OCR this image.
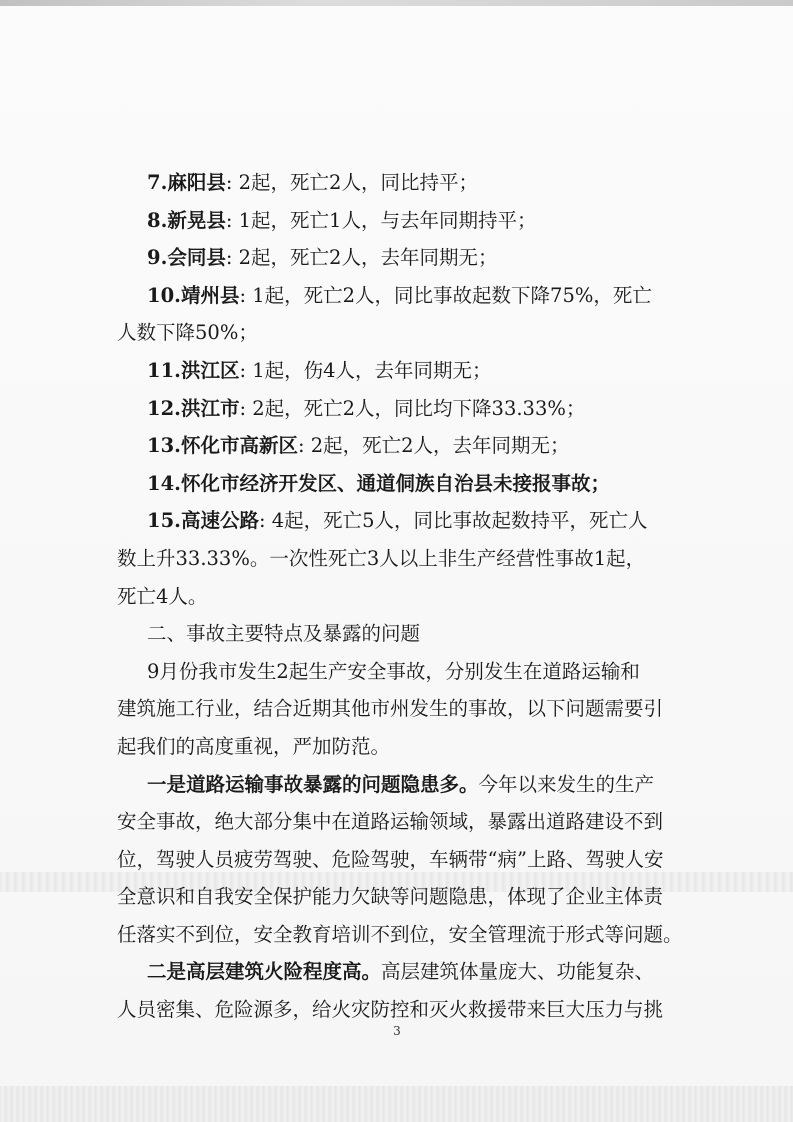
7.麻阳县: 2起，死亡2人，同比持平；
8.新晃县: 1起，死亡1人，与去年同期持平；
9.会同县: 2起，死亡2人，去年同期无；
10.靖州县: 1起，死亡2人，同比事故起数下降75%，死亡
人数下降50%；
11.洪江区: 1起，伤4人，去年同期无；
12.洪江市: 2起，死亡2人，同比均下降33.33%；
13.怀化市高新区: 2起，死亡2人，去年同期无；
14.怀化市经济开发区、通道侗族自治县未接报事故；
15.高速公路: 4起，死亡5人，同比事故起数持平，死亡人
数上升33.33%。一次性死亡3人以上非生产经营性事故1起，
死亡4人。
二、事故主要特点及暴露的问题
9月份我市发生2起生产安全事故，分别发生在道路运输和
建筑施工行业，结合近期其他市州发生的事故，以下问题需要引
起我们的高度重视，严加防范。
一是道路运输事故暴露的问题隐患多。今年以来发生的生产
安全事故，绝大部分集中在道路运输领域，暴露出道路建设不到
位，驾驶人员疲劳驾驶、危险驾驶，车辆带“病”上路、驾驶人安
全意识和自我安全保护能力欠缺等问题隐患，体现了企业主体责
任落实不到位，安全教育培训不到位，安全管理流于形式等问题。
二是高层建筑火险程度高。高层建筑体量庞大、功能复杂、
人员密集、危险源多，给火灾防控和灭火救援带来巨大压力与挑
3
